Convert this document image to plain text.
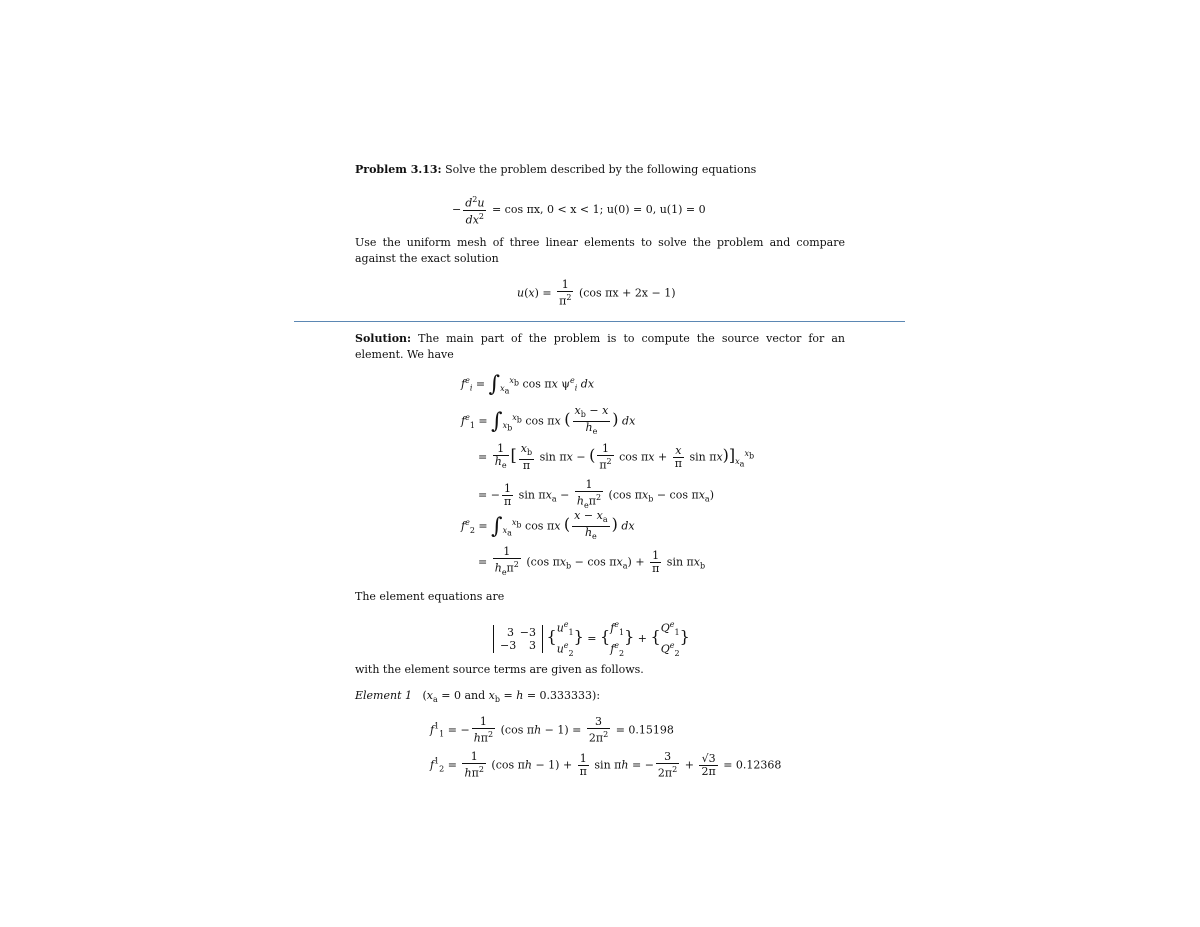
Problem 3.13: Solve the problem described by the following equations
− $\frac{d^2u}{dx^2} = \cos \pi x$, 0 < x < 1; u(0) = 0, u(1) = 0
Use the uniform mesh of three linear elements to solve the problem and compare against the exact solution
$u(x) = \frac{1}{\pi^2} (\cos$ πx + 2x − 1)
Solution: The main part of the problem is to compute the source vector for an element. We have
$f^e_i = \int_{x_a}^{x_b}$ cos πx $\psi^e_i$ dx
$f^e_1 = \int_{x_b}^{x_b}$ cos πx ( $\frac{x_b - x}{h_e}$ ) dx
= $\frac{1}{h_e}$ [ $\frac{x_b}{\pi}$ sin πx − ( $\frac{1}{\pi^2}$ $\cos \pi x + \frac{x}{\pi}$ $\sin \pi x)]_{x_a}^{x_b}$
= − $\frac{1}{\pi}$ $\sin \pi x_a - \frac{1}{h_e\pi^2} (\cos$ $\pi x_b - \cos \pi x_a$)
$f^e_2 = \int_{x_a}^{x_b}$ cos πx ( $\frac{x - x_a}{h_e}$ ) dx
= $\frac{1}{h_e\pi^2} (\cos$ $\pi x_b - \cos \pi x_a) + \frac{1}{\pi}$ $\sin \pi x_b$
The element equations are
3 −3
−3 3 {$u^e_1$
$u^e_2\} = \{f^e_1$
$f^e_2\} + \{Q^e_1$
$Q^e_2$}
with the element source terms are given as follows.
Element 1   ($x_a = 0$ and $x_b = h = 0.333333$):
$f^1_1$ = − $\frac{1}{h\pi^2} (\cos$ $\pi h - 1) = \frac{3}{2\pi^2} = 0.15198$
$f^1_2 = \frac{1}{h\pi^2} (\cos$ $\pi h - 1) + \frac{1}{\pi}$ sin πh = − $\frac{3}{2\pi^2} + \frac{√3}{2\pi} = 0.12368$
